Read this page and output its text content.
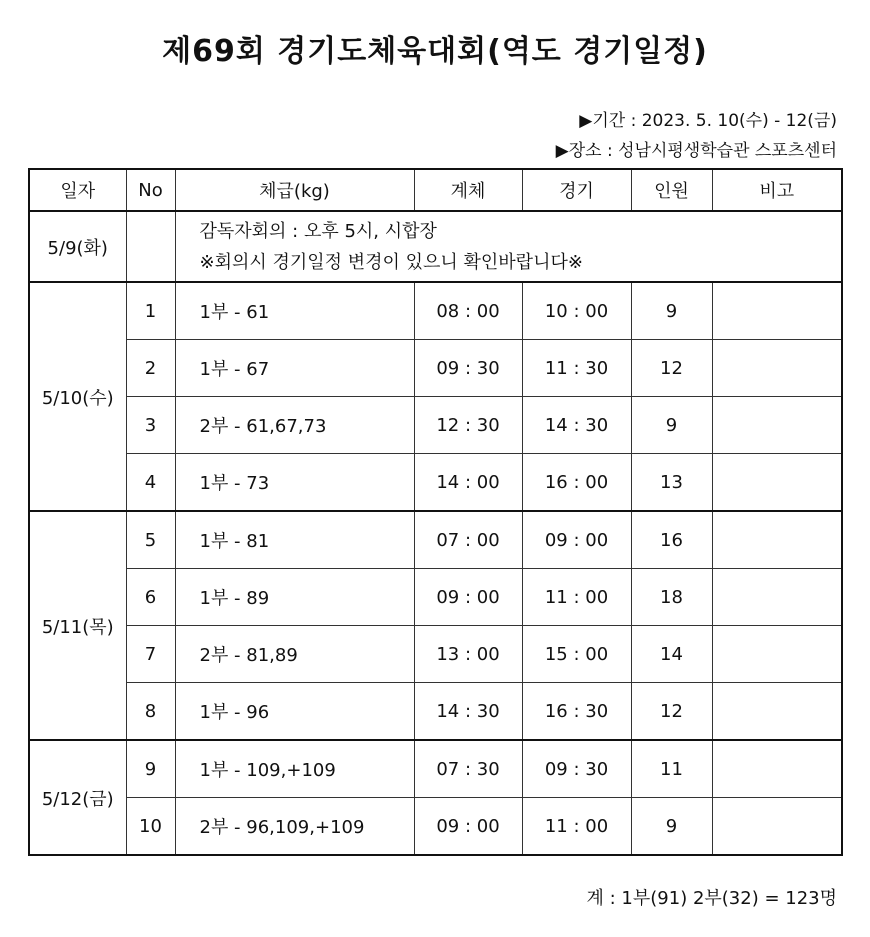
제69회 경기도체육대회(역도 경기일정)
▶기간 : 2023. 5. 10(수) - 12(금)
▶장소 : 성남시평생학습관 스포츠센터
일자	No	체급(kg)	계체	경기	인원	비고
5/9(화)		감독자회의 : 오후 5시, 시합장
※회의시 경기일정 변경이 있으니 확인바랍니다※				

5/10(수)	1	1부 - 61	08 : 00	10 : 00	9	
	2	1부 - 67	09 : 30	11 : 30	12	
	3	2부 - 61,67,73	12 : 30	14 : 30	9	
	4	1부 - 73	14 : 00	16 : 00	13	
5/11(목)	5	1부 - 81	07 : 00	09 : 00	16	
	6	1부 - 89	09 : 00	11 : 00	18	
	7	2부 - 81,89	13 : 00	15 : 00	14	
	8	1부 - 96	14 : 30	16 : 30	12	
5/12(금)	9	1부 - 109,+109	07 : 30	09 : 30	11	
	10	2부 - 96,109,+109	09 : 00	11 : 00	9	
계 : 1부(91) 2부(32) = 123명
